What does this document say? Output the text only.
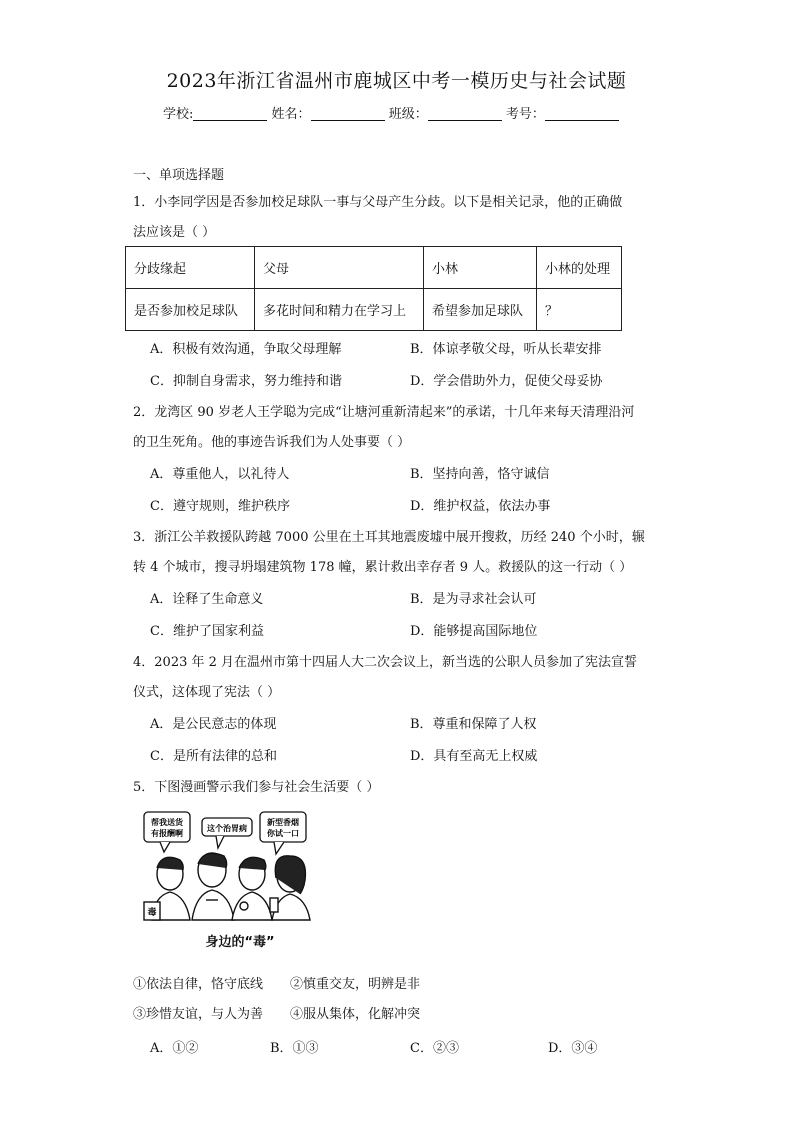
2023年浙江省温州市鹿城区中考一模历史与社会试题
学校:	姓名：	班级：	考号：
一、单项选择题
1．小李同学因是否参加校足球队一事与父母产生分歧。以下是相关记录，他的正确做
法应该是（ ）
分歧缘起	父母	小林	小林的处理
是否参加校足球队	多花时间和精力在学习上	希望参加足球队	？
A．积极有效沟通，争取父母理解	B．体谅孝敬父母，听从长辈安排
C．抑制自身需求，努力维持和谐	D．学会借助外力，促使父母妥协
2．龙湾区 90 岁老人王学聪为完成“让塘河重新清起来”的承诺，十几年来每天清理沿河
的卫生死角。他的事迹告诉我们为人处事要（ ）
A．尊重他人，以礼待人	B．坚持向善，恪守诚信
C．遵守规则，维护秩序	D．维护权益，依法办事
3．浙江公羊救援队跨越 7000 公里在土耳其地震废墟中展开搜救，历经 240 个小时，辗
转 4 个城市，搜寻坍塌建筑物 178 幢，累计救出幸存者 9 人。救援队的这一行动（ ）
A．诠释了生命意义	B．是为寻求社会认可
C．维护了国家利益	D．能够提高国际地位
4．2023 年 2 月在温州市第十四届人大二次会议上，新当选的公职人员参加了宪法宣誓
仪式，这体现了宪法（ ）
A．是公民意志的体现	B．尊重和保障了人权
C．是所有法律的总和	D．具有至高无上权威
5．下图漫画警示我们参与社会生活要（ ）
帮我送货
有报酬啊
这个治胃病
新型香烟
你试一口
毒
身边的“毒”
①依法自律，恪守底线 ②慎重交友，明辨是非
③珍惜友谊，与人为善 ④服从集体，化解冲突
A．①②	B．①③	C．②③	D．③④
